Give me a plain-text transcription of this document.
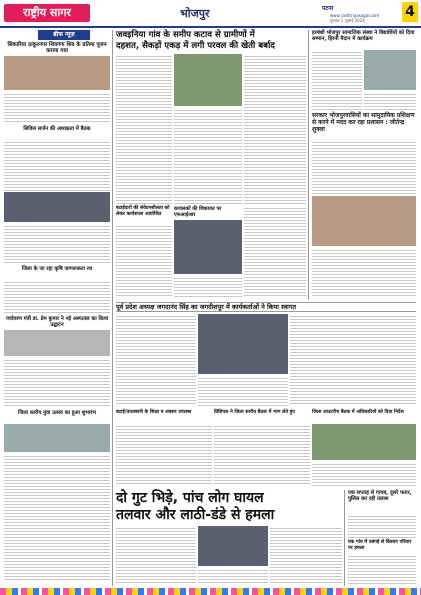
राष्ट्रीय सागर	भोजपुर	पटना
गुरुवार 1 जुलाई 2024
www.rashtriyasagar.com 4
ब्रीफ न्यूज़
सिकारिया ठाकुरनगर शिवगंगा शिव के प्रतिमा पूजन कराया गया
सिविल सर्जन की अध्यक्षता में बैठक
जिला के जा रहा कृषि जागरूकता रथ
पर्यावरण मंत्री डा. प्रेम कुमार ने नई अस्पताल का किया उद्घाटन
जिला स्तरीय युवा उत्सव का हुआ शुभारंभ
जवइनिया गांव के समीप कटाव से ग्रामीणों में
दहशत, सैकड़ों एकड़ में लगी परवल की खेती बर्बाद
बटाईदारों की संवेदनशीलता को लेकर कार्यशाला आयोजित
कपालकों की शिकायत पर एफआईआर
हरबंशी भोजपुर सामाजिक संस्था ने विद्यार्थियों को दिया सम्मान, हिरनी मैदान में कार्यक्रम
सरकार भोजपुरवासियों का सामुदायिक प्रशिक्षण से करने में मदद कर रहा प्रशासन : जीतेन्द्र शुक्ला
पूर्व प्रदेश अध्यक्ष जगदानंद सिंह का जगदीशपुर में कार्यकर्ताओं ने किया स्वागत
बटाई/तालाबानी के शिक्षा व अवसर उपलब्ध	प्रिंसिपल ने जिला स्तरीय बैठक में भाग लेते हुए	जिला आउटरीच बैठक में अधिकारियों को दिया निर्देश
दो गुट भिड़े, पांच लोग घायल
तलवार और लाठी-डंडे से हमला
एक सप्ताह से गायब, दूसरे फरार, पुलिस कर रही तलाश
एक गांव में दबंगई से किसान परिवार पर हमला
